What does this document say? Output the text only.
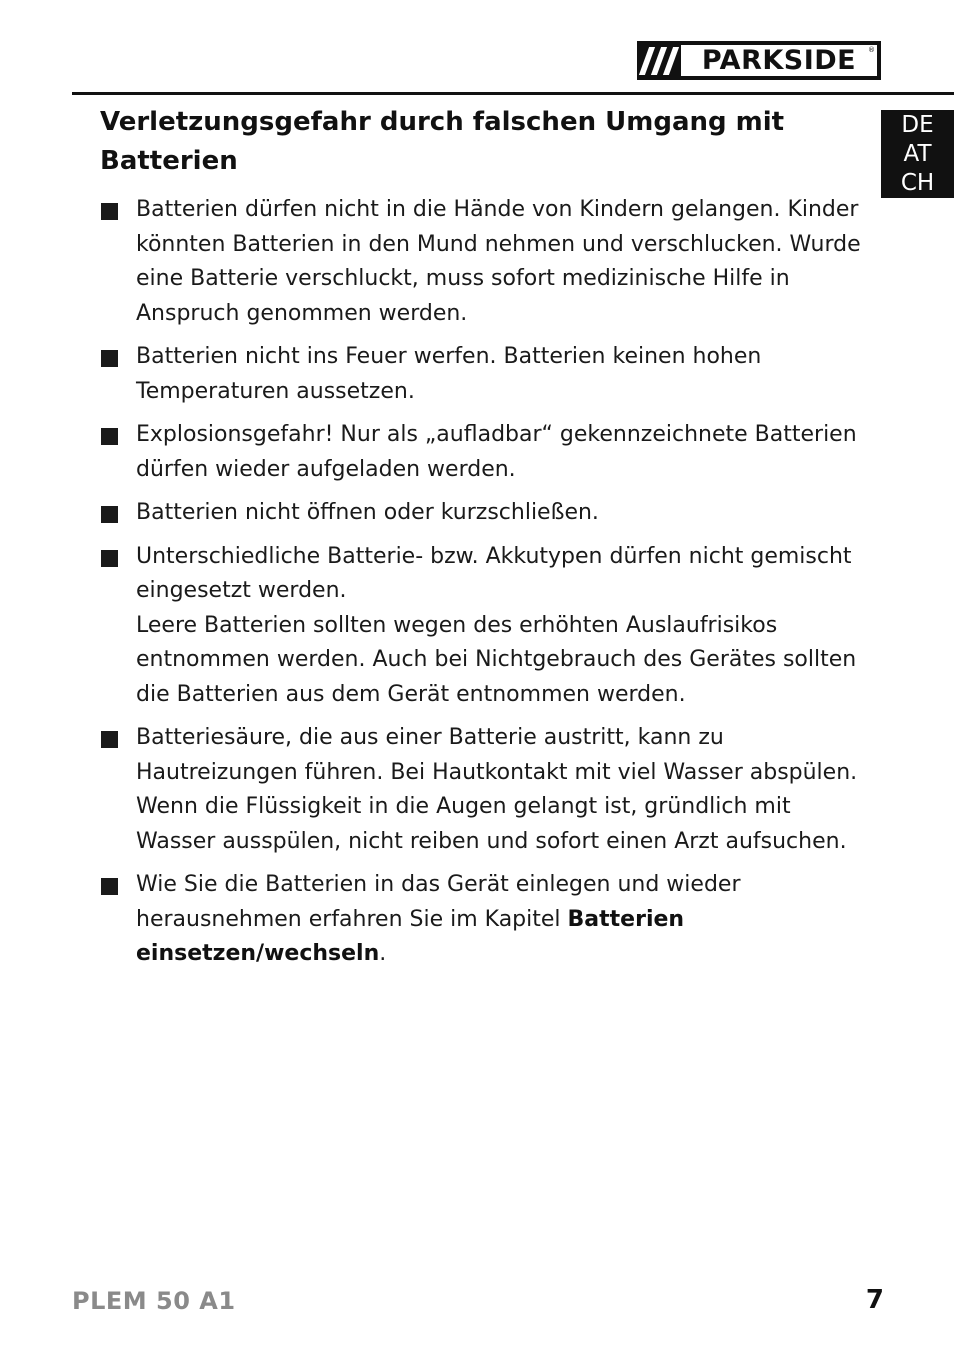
PARKSIDE ®
DE
AT
CH
Verletzungsgefahr durch falschen Umgang mit Batterien
Batterien dürfen nicht in die Hände von Kindern gelangen. Kinder könnten Batterien in den Mund nehmen und verschlucken. Wurde eine Batterie verschluckt, muss sofort medizinische Hilfe in Anspruch genommen werden.
Batterien nicht ins Feuer werfen. Batterien keinen hohen Temperaturen aussetzen.
Explosionsgefahr! Nur als „aufladbar“ gekennzeichnete Batterien dürfen wieder aufgeladen werden.
Batterien nicht öffnen oder kurzschließen.
Unterschiedliche Batterie- bzw. Akkutypen dürfen nicht gemischt eingesetzt werden.
Leere Batterien sollten wegen des erhöhten Auslaufrisikos entnommen werden. Auch bei Nichtgebrauch des Gerätes sollten die Batterien aus dem Gerät entnommen werden.
Batteriesäure, die aus einer Batterie austritt, kann zu Hautreizungen führen. Bei Hautkontakt mit viel Wasser abspülen. Wenn die Flüssigkeit in die Augen gelangt ist, gründlich mit Wasser ausspülen, nicht reiben und sofort einen Arzt aufsuchen.
Wie Sie die Batterien in das Gerät einlegen und wieder herausnehmen erfahren Sie im Kapitel Batterien einsetzen/wechseln.
PLEM 50 A1	7
